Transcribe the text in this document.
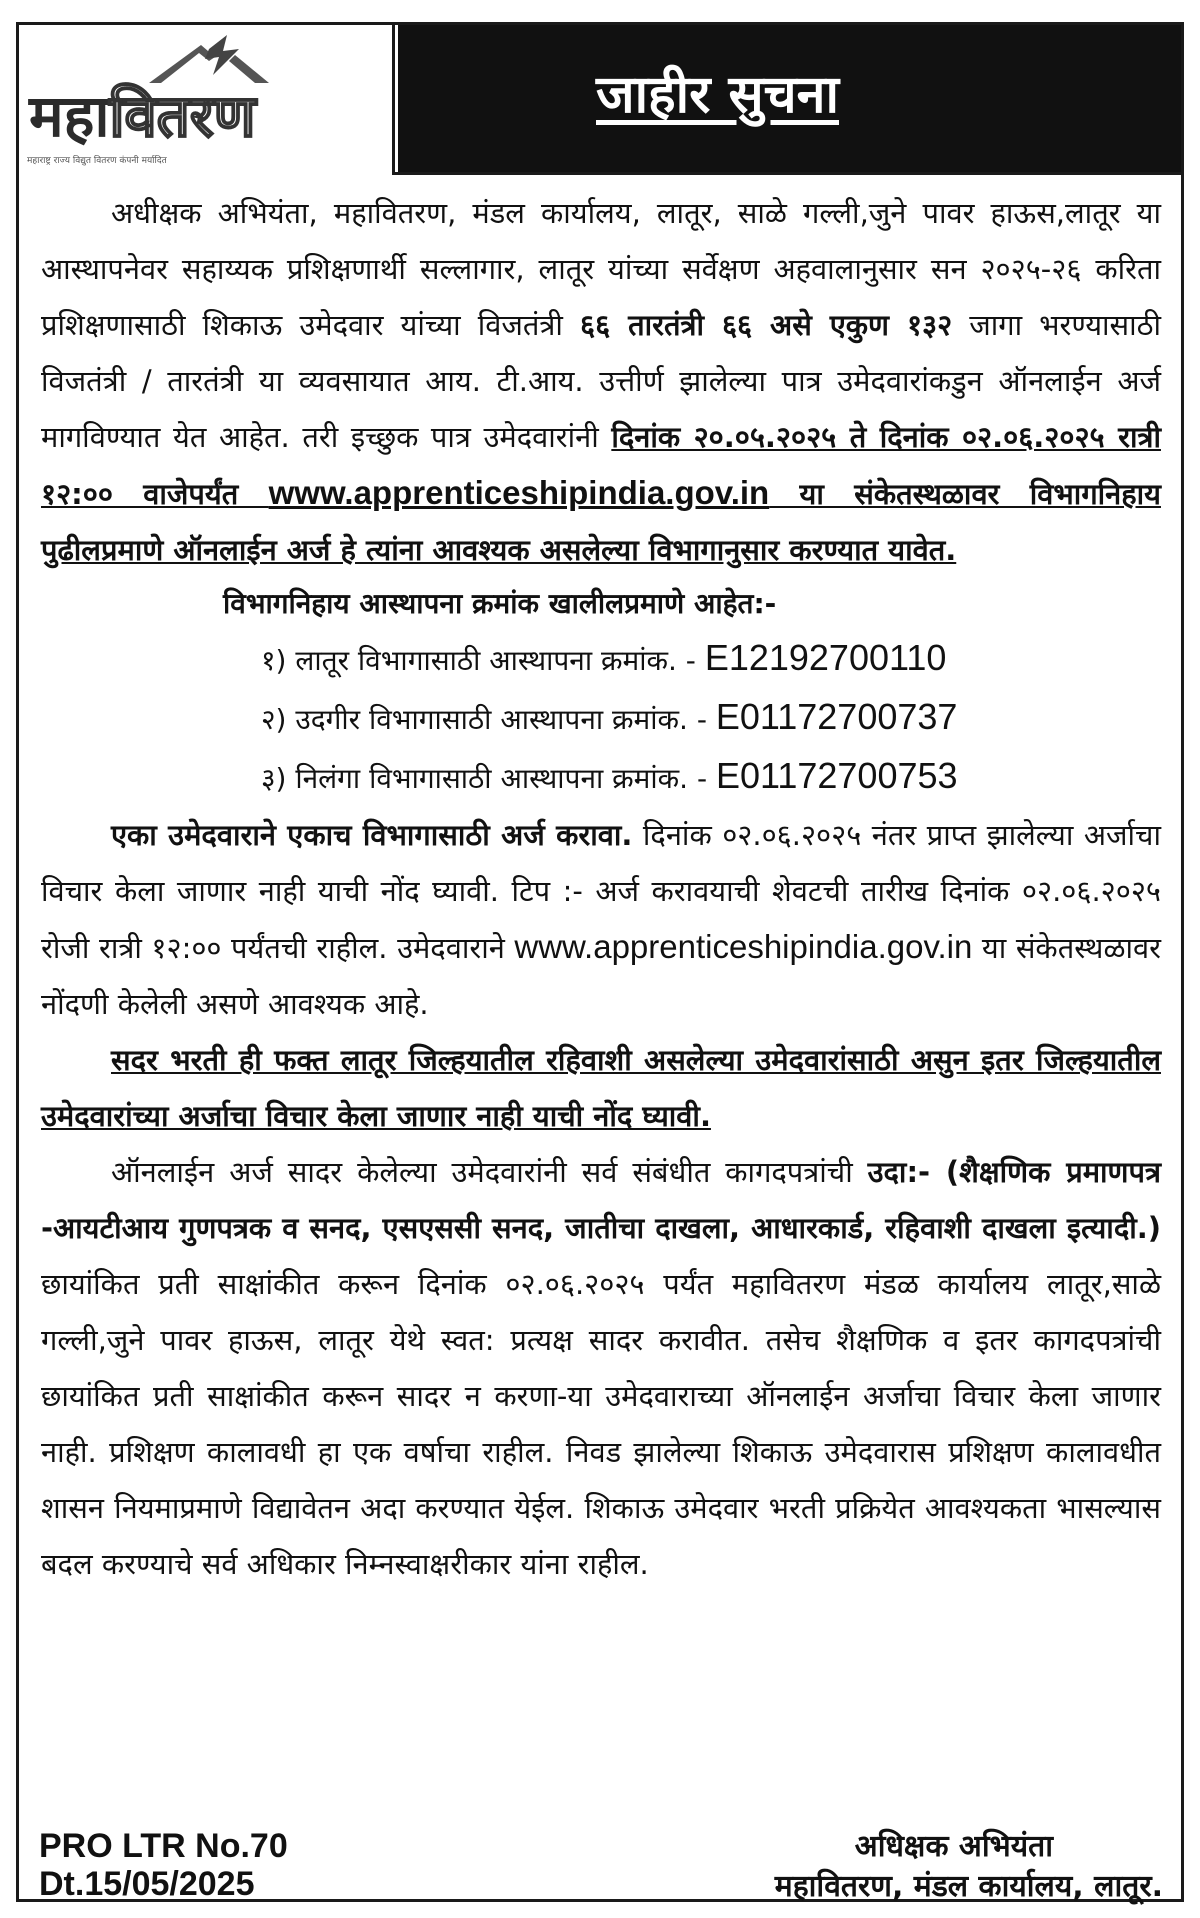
महावितरण
महाराष्ट्र राज्य विद्युत वितरण कंपनी मर्यादित
जाहीर सुचना

अधीक्षक अभियंता, महावितरण, मंडल कार्यालय, लातूर, साळे गल्ली,जुने पावर हाऊस,लातूर या आस्थापनेवर सहाय्यक प्रशिक्षणार्थी सल्लागार, लातूर यांच्या सर्वेक्षण अहवालानुसार सन २०२५-२६ करिता प्रशिक्षणासाठी शिकाऊ उमेदवार यांच्या विजतंत्री ६६ तारतंत्री ६६ असे एकुण १३२ जागा भरण्यासाठी विजतंत्री / तारतंत्री या व्यवसायात आय. टी.आय. उत्तीर्ण झालेल्या पात्र उमेदवारांकडुन ऑनलाईन अर्ज मागविण्यात येत आहेत. तरी इच्छुक पात्र उमेदवारांनी दिनांक २०.०५.२०२५ ते दिनांक ०२.०६.२०२५ रात्री १२:०० वाजेपर्यंत www.apprenticeshipindia.gov.in या संकेतस्थळावर विभागनिहाय पुढीलप्रमाणे ऑनलाईन अर्ज हे त्यांना आवश्यक असलेल्या विभागानुसार करण्यात यावेत.

विभागनिहाय आस्थापना क्रमांक खालीलप्रमाणे आहेत:-
१) लातूर विभागासाठी आस्थापना क्रमांक. - E12192700110
२) उदगीर विभागासाठी आस्थापना क्रमांक. - E01172700737
३) निलंगा विभागासाठी आस्थापना क्रमांक. - E01172700753

एका उमेदवाराने एकाच विभागासाठी अर्ज करावा. दिनांक ०२.०६.२०२५ नंतर प्राप्त झालेल्या अर्जाचा विचार केला जाणार नाही याची नोंद घ्यावी. टिप :- अर्ज करावयाची शेवटची तारीख दिनांक ०२.०६.२०२५ रोजी रात्री १२:०० पर्यंतची राहील. उमेदवाराने www.apprenticeshipindia.gov.in या संकेतस्थळावर नोंदणी केलेली असणे आवश्यक आहे.

सदर भरती ही फक्त लातूर जिल्हयातील रहिवाशी असलेल्या उमेदवारांसाठी असुन इतर जिल्हयातील उमेदवारांच्या अर्जाचा विचार केला जाणार नाही याची नोंद घ्यावी.

ऑनलाईन अर्ज सादर केलेल्या उमेदवारांनी सर्व संबंधीत कागदपत्रांची उदा:- (शैक्षणिक प्रमाणपत्र -आयटीआय गुणपत्रक व सनद, एसएससी सनद, जातीचा दाखला, आधारकार्ड, रहिवाशी दाखला इत्यादी.) छायांकित प्रती साक्षांकीत करून दिनांक ०२.०६.२०२५ पर्यंत महावितरण मंडळ कार्यालय लातूर,साळे गल्ली,जुने पावर हाऊस, लातूर येथे स्वत: प्रत्यक्ष सादर करावीत. तसेच शैक्षणिक व इतर कागदपत्रांची छायांकित प्रती साक्षांकीत करून सादर न करणा-या उमेदवाराच्या ऑनलाईन अर्जाचा विचार केला जाणार नाही. प्रशिक्षण कालावधी हा एक वर्षाचा राहील. निवड झालेल्या शिकाऊ उमेदवारास प्रशिक्षण कालावधीत शासन नियमाप्रमाणे विद्यावेतन अदा करण्यात येईल. शिकाऊ उमेदवार भरती प्रक्रियेत आवश्यकता भासल्यास बदल करण्याचे सर्व अधिकार निम्नस्वाक्षरीकार यांना राहील.

PRO LTR No.70
Dt.15/05/2025
अधिक्षक अभियंता
महावितरण, मंडल कार्यालय, लातूर.
